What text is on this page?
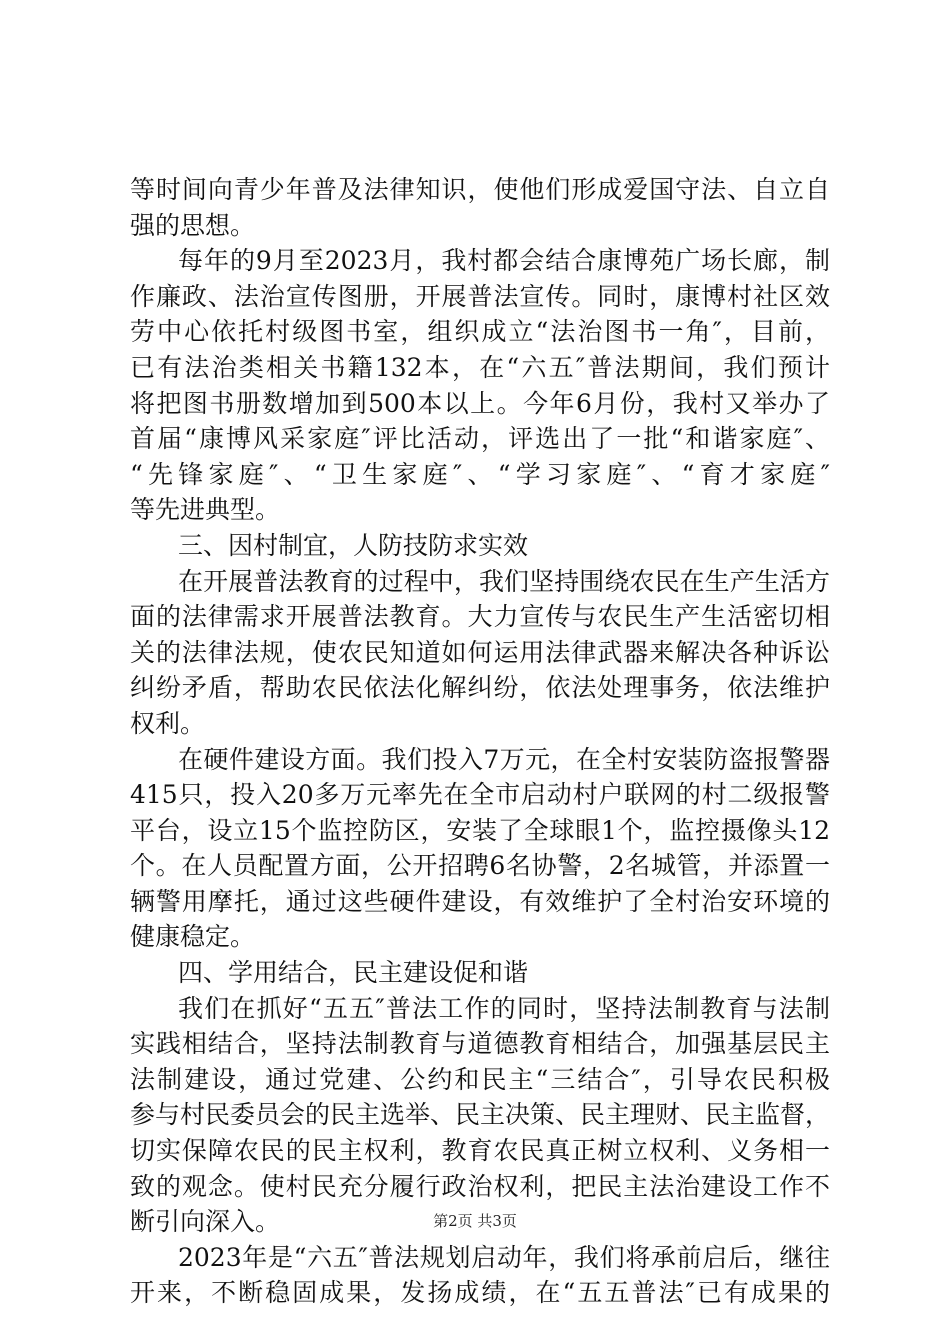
等时间向青少年普及法律知识，使他们形成爱国守法、自立自
强的思想。
每年的9月至2023月，我村都会结合康博苑广场长廊，制
作廉政、法治宣传图册，开展普法宣传。同时，康博村社区效
劳中心依托村级图书室，组织成立“法治图书一角″，目前，
已有法治类相关书籍132本，在“六五″普法期间，我们预计
将把图书册数增加到500本以上。今年6月份，我村又举办了
首届“康博风采家庭″评比活动，评选出了一批“和谐家庭″、
“先锋家庭″、“卫生家庭″、“学习家庭″、“育才家庭″
等先进典型。
三、因村制宜，人防技防求实效
在开展普法教育的过程中，我们坚持围绕农民在生产生活方
面的法律需求开展普法教育。大力宣传与农民生产生活密切相
关的法律法规，使农民知道如何运用法律武器来解决各种诉讼
纠纷矛盾，帮助农民依法化解纠纷，依法处理事务，依法维护
权利。
在硬件建设方面。我们投入7万元，在全村安装防盗报警器
415只，投入20多万元率先在全市启动村户联网的村二级报警
平台，设立15个监控防区，安装了全球眼1个，监控摄像头12
个。在人员配置方面，公开招聘6名协警，2名城管，并添置一
辆警用摩托，通过这些硬件建设，有效维护了全村治安环境的
健康稳定。
四、学用结合，民主建设促和谐
我们在抓好“五五″普法工作的同时，坚持法制教育与法制
实践相结合，坚持法制教育与道德教育相结合，加强基层民主
法制建设，通过党建、公约和民主“三结合″，引导农民积极
参与村民委员会的民主选举、民主决策、民主理财、民主监督，
切实保障农民的民主权利，教育农民真正树立权利、义务相一
致的观念。使村民充分履行政治权利，把民主法治建设工作不
断引向深入。
2023年是“六五″普法规划启动年，我们将承前启后，继往
开来，不断稳固成果，发扬成绩，在“五五普法″已有成果的
第2页 共3页
